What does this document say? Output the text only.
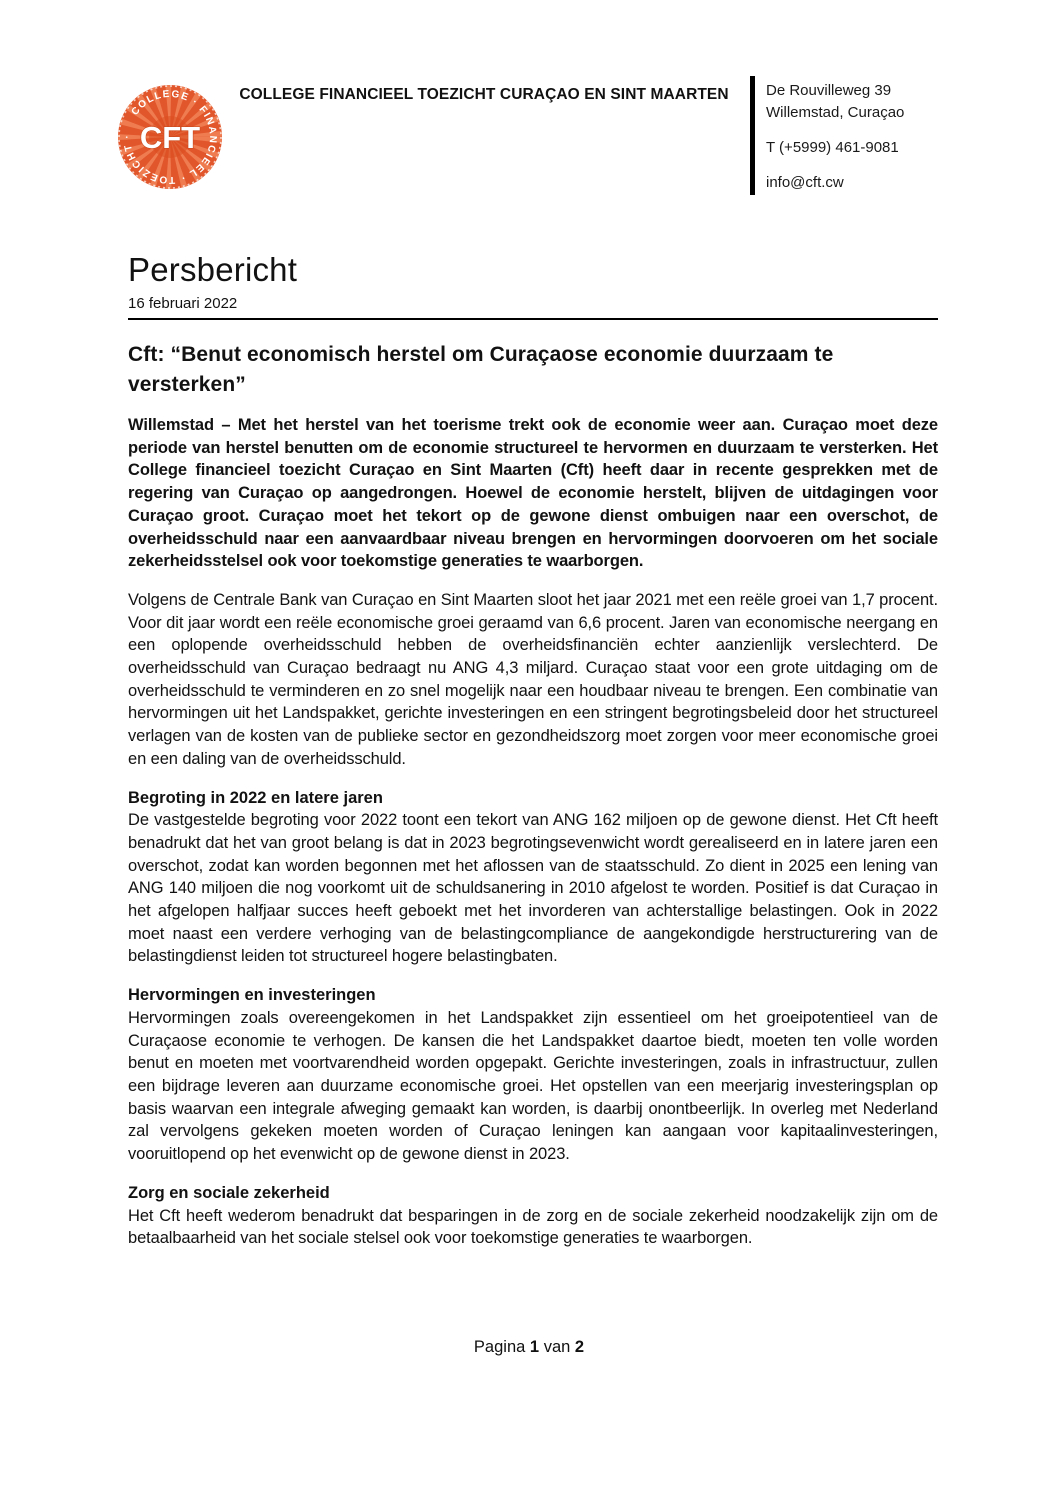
COLLEGE · FINANCIEEL · TOEZICHT · CFT
COLLEGE FINANCIEEL TOEZICHT CURAÇAO EN SINT MAARTEN	De Rouvilleweg 39
Willemstad, Curaçao
T (+5999) 461-9081
info@cft.cw
Persbericht
16 februari 2022
Cft: “Benut economisch herstel om Curaçaose economie duurzaam te versterken”

Willemstad – Met het herstel van het toerisme trekt ook de economie weer aan. Curaçao moet deze periode van herstel benutten om de economie structureel te hervormen en duurzaam te versterken. Het College financieel toezicht Curaçao en Sint Maarten (Cft) heeft daar in recente gesprekken met de regering van Curaçao op aangedrongen. Hoewel de economie herstelt, blijven de uitdagingen voor Curaçao groot. Curaçao moet het tekort op de gewone dienst ombuigen naar een overschot, de overheidsschuld naar een aanvaardbaar niveau brengen en hervormingen doorvoeren om het sociale zekerheidsstelsel ook voor toekomstige generaties te waarborgen.

Volgens de Centrale Bank van Curaçao en Sint Maarten sloot het jaar 2021 met een reële groei van 1,7 procent. Voor dit jaar wordt een reële economische groei geraamd van 6,6 procent. Jaren van economische neergang en een oplopende overheidsschuld hebben de overheidsfinanciën echter aanzienlijk verslechterd. De overheidsschuld van Curaçao bedraagt nu ANG 4,3 miljard. Curaçao staat voor een grote uitdaging om de overheidsschuld te verminderen en zo snel mogelijk naar een houdbaar niveau te brengen. Een combinatie van hervormingen uit het Landspakket, gerichte investeringen en een stringent begrotingsbeleid door het structureel verlagen van de kosten van de publieke sector en gezondheidszorg moet zorgen voor meer economische groei en een daling van de overheidsschuld.

Begroting in 2022 en latere jaren

De vastgestelde begroting voor 2022 toont een tekort van ANG 162 miljoen op de gewone dienst. Het Cft heeft benadrukt dat het van groot belang is dat in 2023 begrotingsevenwicht wordt gerealiseerd en in latere jaren een overschot, zodat kan worden begonnen met het aflossen van de staatsschuld. Zo dient in 2025 een lening van ANG 140 miljoen die nog voorkomt uit de schuldsanering in 2010 afgelost te worden. Positief is dat Curaçao in het afgelopen halfjaar succes heeft geboekt met het invorderen van achterstallige belastingen. Ook in 2022 moet naast een verdere verhoging van de belastingcompliance de aangekondigde herstructurering van de belastingdienst leiden tot structureel hogere belastingbaten.

Hervormingen en investeringen

Hervormingen zoals overeengekomen in het Landspakket zijn essentieel om het groeipotentieel van de Curaçaose economie te verhogen. De kansen die het Landspakket daartoe biedt, moeten ten volle worden benut en moeten met voortvarendheid worden opgepakt. Gerichte investeringen, zoals in infrastructuur, zullen een bijdrage leveren aan duurzame economische groei. Het opstellen van een meerjarig investeringsplan op basis waarvan een integrale afweging gemaakt kan worden, is daarbij onontbeerlijk. In overleg met Nederland zal vervolgens gekeken moeten worden of Curaçao leningen kan aangaan voor kapitaalinvesteringen, vooruitlopend op het evenwicht op de gewone dienst in 2023.

Zorg en sociale zekerheid

Het Cft heeft wederom benadrukt dat besparingen in de zorg en de sociale zekerheid noodzakelijk zijn om de betaalbaarheid van het sociale stelsel ook voor toekomstige generaties te waarborgen.

Pagina 1 van 2
